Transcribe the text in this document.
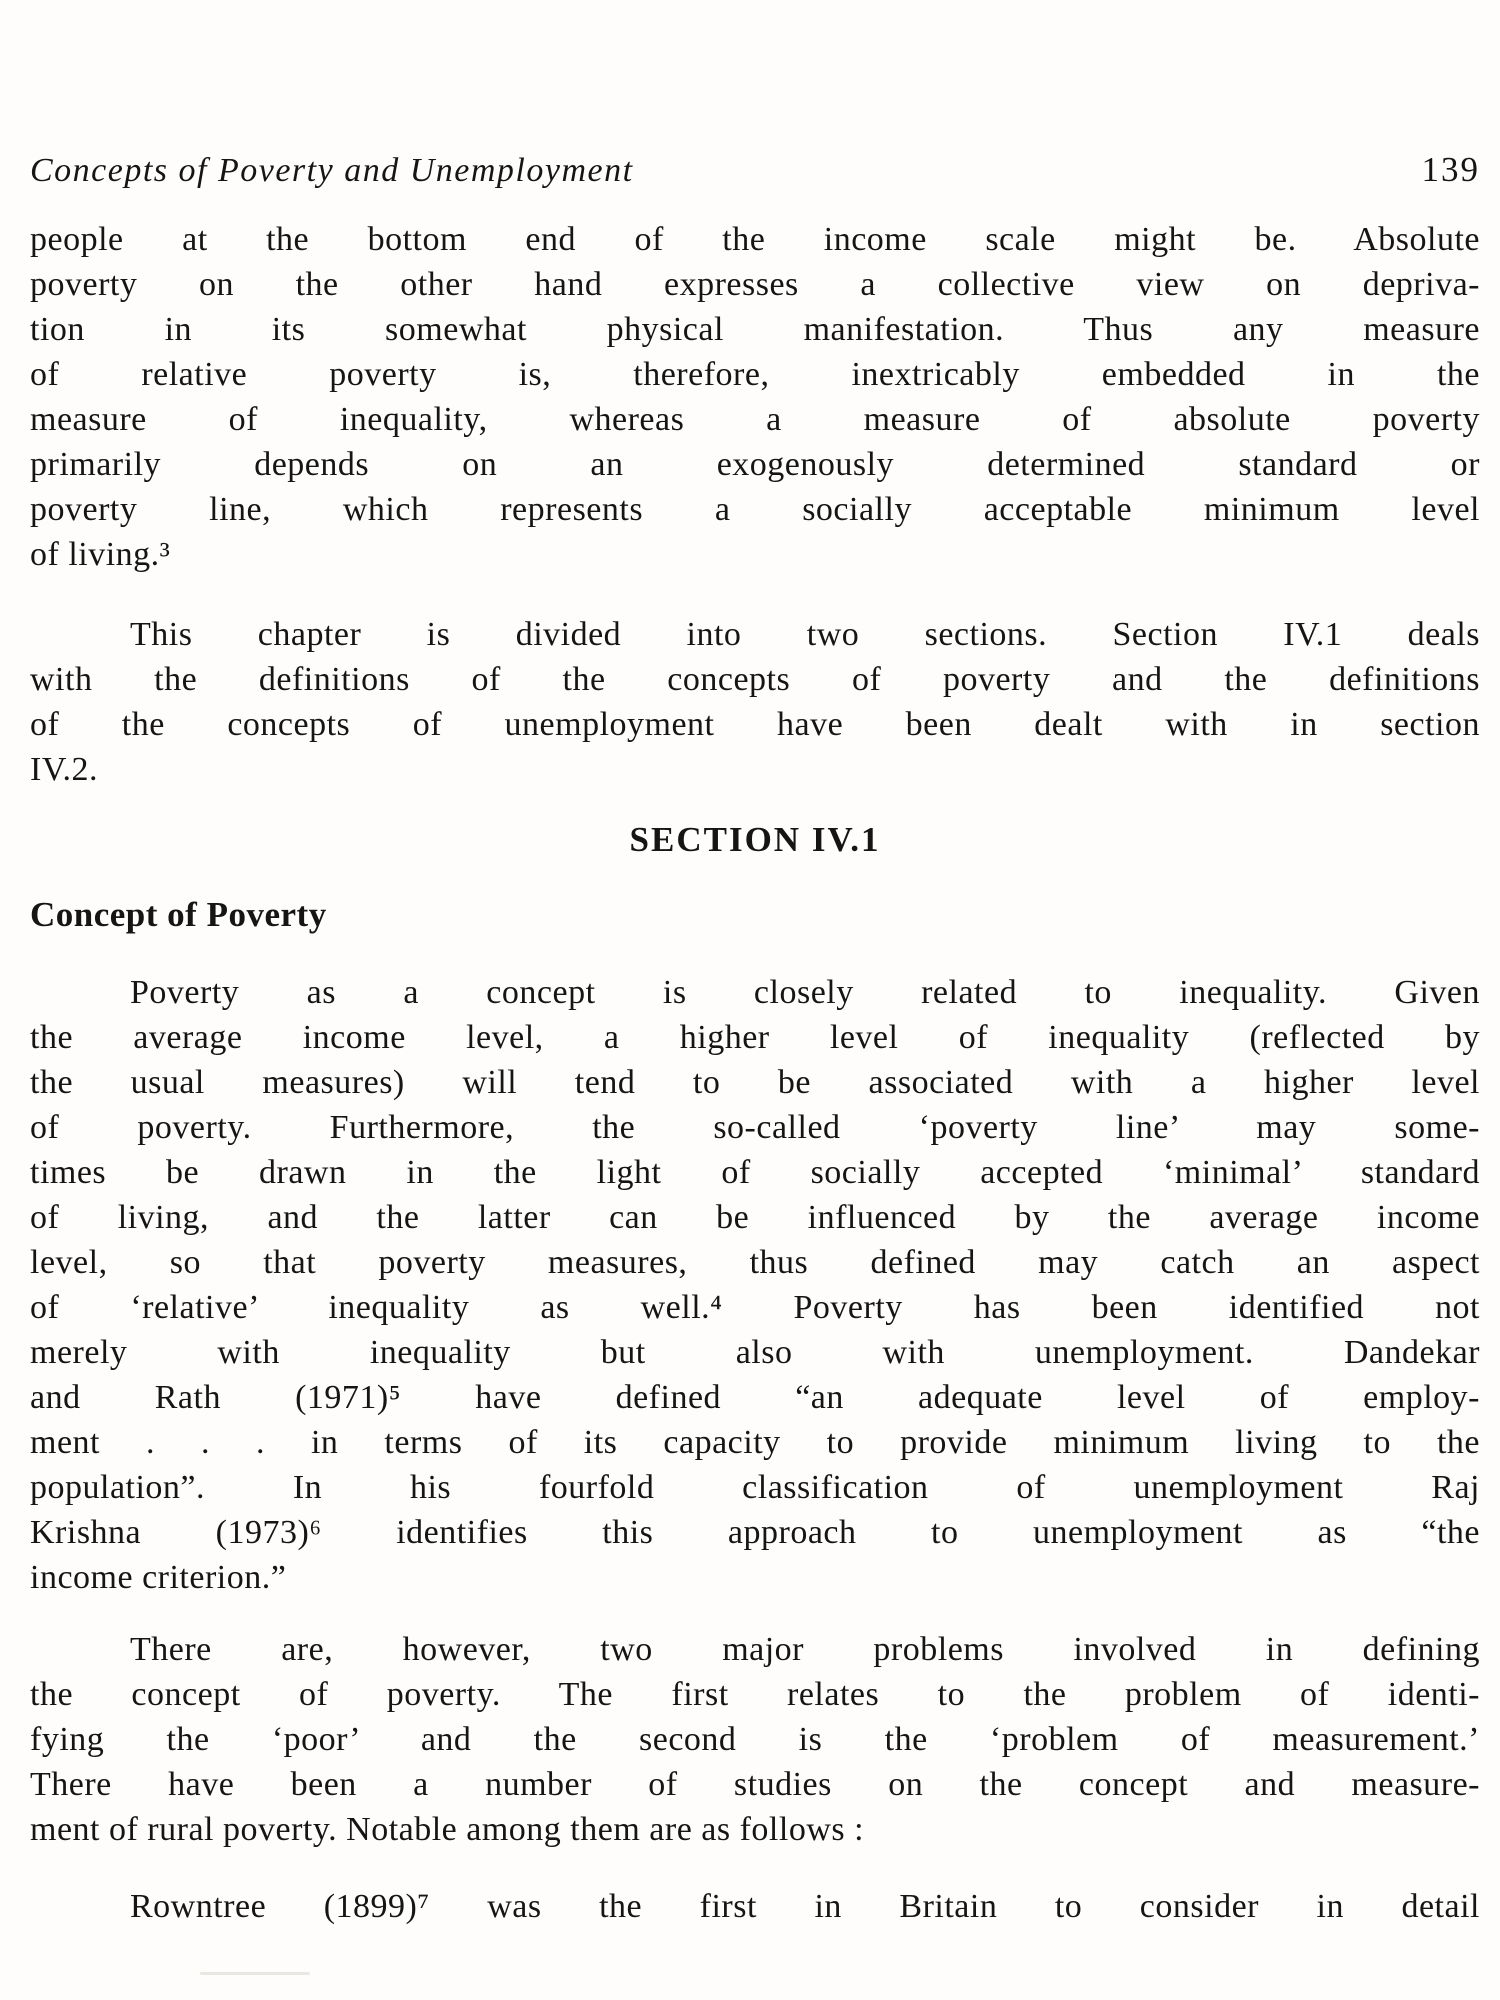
Concepts of Poverty and Unemployment	139
people at the bottom end of the income scale might be. Absolute
poverty on the other hand expresses a collective view on depriva-
tion in its somewhat physical manifestation. Thus any measure
of relative poverty is, therefore, inextricably embedded in the
measure of inequality, whereas a measure of absolute poverty
primarily depends on an exogenously determined standard or
poverty line, which represents a socially acceptable minimum level
of living.³
This chapter is divided into two sections. Section IV.1 deals
with the definitions of the concepts of poverty and the definitions
of the concepts of unemployment have been dealt with in section
IV.2.
SECTION IV.1
Concept of Poverty
Poverty as a concept is closely related to inequality. Given
the average income level, a higher level of inequality (reflected by
the usual measures) will tend to be associated with a higher level
of poverty. Furthermore, the so-called ‘poverty line’ may some-
times be drawn in the light of socially accepted ‘minimal’ standard
of living, and the latter can be influenced by the average income
level, so that poverty measures, thus defined may catch an aspect
of ‘relative’ inequality as well.⁴ Poverty has been identified not
merely with inequality but also with unemployment. Dandekar
and Rath (1971)⁵ have defined “an adequate level of employ-
ment . . . in terms of its capacity to provide minimum living to the
population”. In his fourfold classification of unemployment Raj
Krishna (1973)⁶ identifies this approach to unemployment as “the
income criterion.”
There are, however, two major problems involved in defining
the concept of poverty. The first relates to the problem of identi-
fying the ‘poor’ and the second is the ‘problem of measurement.’
There have been a number of studies on the concept and measure-
ment of rural poverty. Notable among them are as follows :
Rowntree (1899)⁷ was the first in Britain to consider in detail
